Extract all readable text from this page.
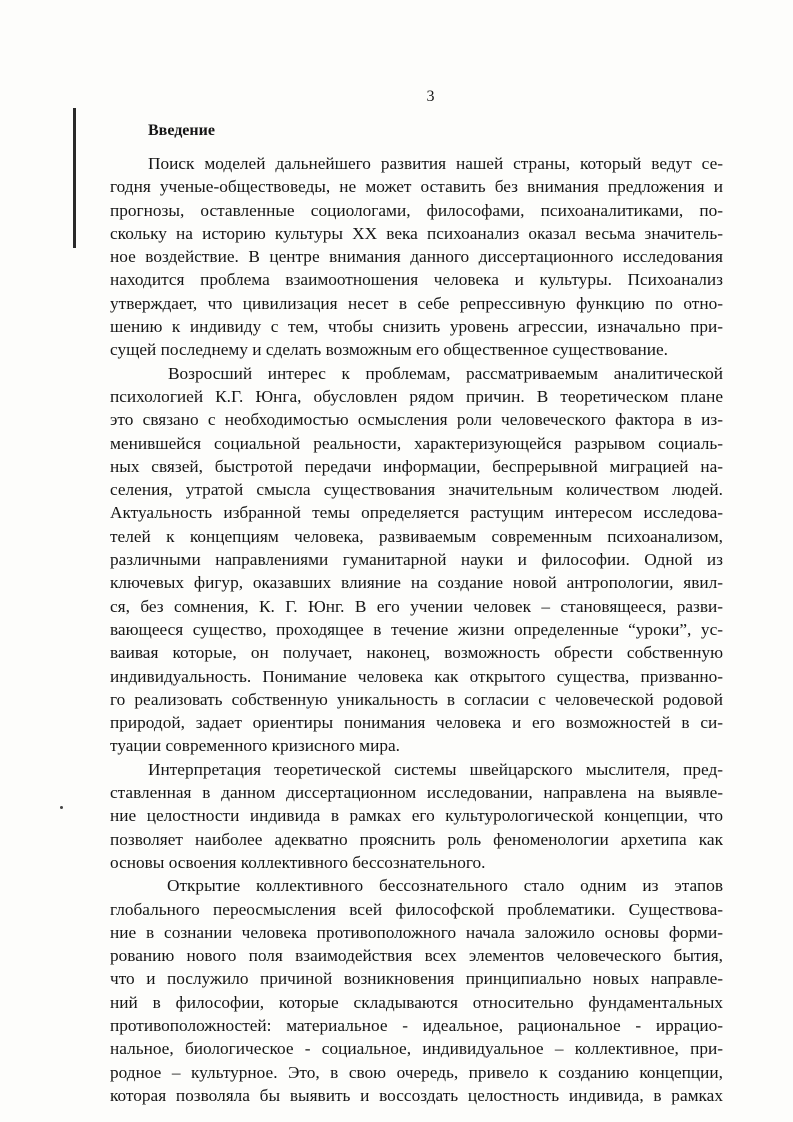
3
Введение
Поиск моделей дальнейшего развития нашей страны, который ведут се-
годня ученые-обществоведы, не может оставить без внимания предложения и
прогнозы, оставленные социологами, философами, психоаналитиками, по-
скольку на историю культуры XX века психоанализ оказал весьма значитель-
ное воздействие. В центре внимания данного диссертационного исследования
находится проблема взаимоотношения человека и культуры. Психоанализ
утверждает, что цивилизация несет в себе репрессивную функцию по отно-
шению к индивиду с тем, чтобы снизить уровень агрессии, изначально при-
сущей последнему и сделать возможным его общественное существование.
Возросший интерес к проблемам, рассматриваемым аналитической
психологией К.Г. Юнга, обусловлен рядом причин. В теоретическом плане
это связано с необходимостью осмысления роли человеческого фактора в из-
менившейся социальной реальности, характеризующейся разрывом социаль-
ных связей, быстротой передачи информации, беспрерывной миграцией на-
селения, утратой смысла существования значительным количеством людей.
Актуальность избранной темы определяется растущим интересом исследова-
телей к концепциям человека, развиваемым современным психоанализом,
различными направлениями гуманитарной науки и философии. Одной из
ключевых фигур, оказавших влияние на создание новой антропологии, явил-
ся, без сомнения, К. Г. Юнг. В его учении человек – становящееся, разви-
вающееся существо, проходящее в течение жизни определенные “уроки”, ус-
ваивая которые, он получает, наконец, возможность обрести собственную
индивидуальность. Понимание человека как открытого существа, призванно-
го реализовать собственную уникальность в согласии с человеческой родовой
природой, задает ориентиры понимания человека и его возможностей в си-
туации современного кризисного мира.
Интерпретация теоретической системы швейцарского мыслителя, пред-
ставленная в данном диссертационном исследовании, направлена на выявле-
ние целостности индивида в рамках его культурологической концепции, что
позволяет наиболее адекватно прояснить роль феноменологии архетипа как
основы освоения коллективного бессознательного.
Открытие коллективного бессознательного стало одним из этапов
глобального переосмысления всей философской проблематики. Существова-
ние в сознании человека противоположного начала заложило основы форми-
рованию нового поля взаимодействия всех элементов человеческого бытия,
что и послужило причиной возникновения принципиально новых направле-
ний в философии, которые складываются относительно фундаментальных
противоположностей: материальное - идеальное, рациональное - иррацио-
нальное, биологическое - социальное, индивидуальное – коллективное, при-
родное – культурное. Это, в свою очередь, привело к созданию концепции,
которая позволяла бы выявить и воссоздать целостность индивида, в рамках
